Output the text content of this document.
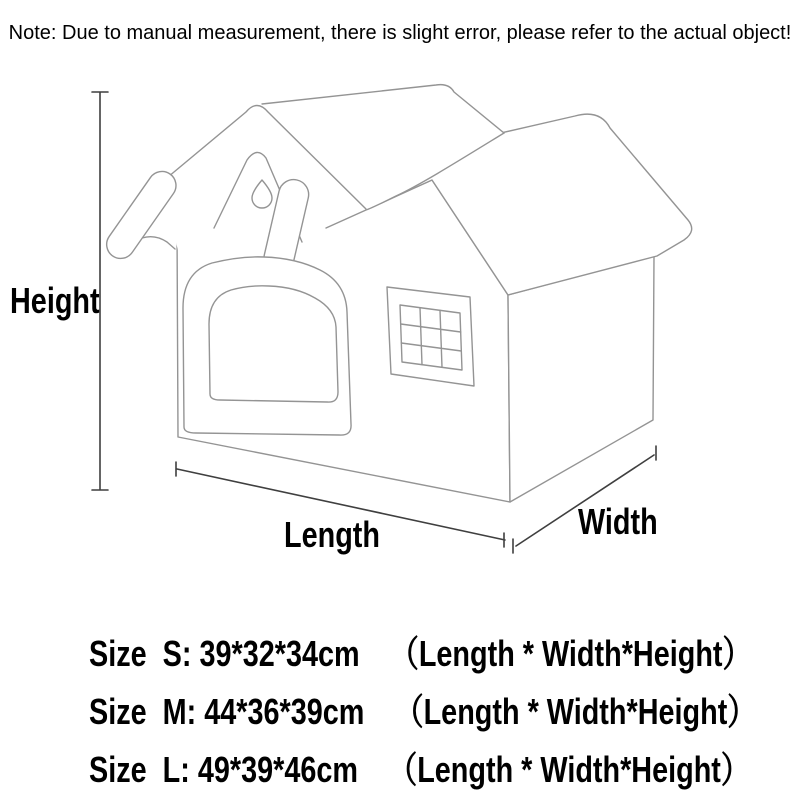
Note: Due to manual measurement, there is slight error, please refer to the actual object!
Height
Length	Width

Size  S: 39*32*34cm （Length * Width*Height）

Size  M: 44*36*39cm （Length * Width*Height）

Size  L: 49*39*46cm （Length * Width*Height）
